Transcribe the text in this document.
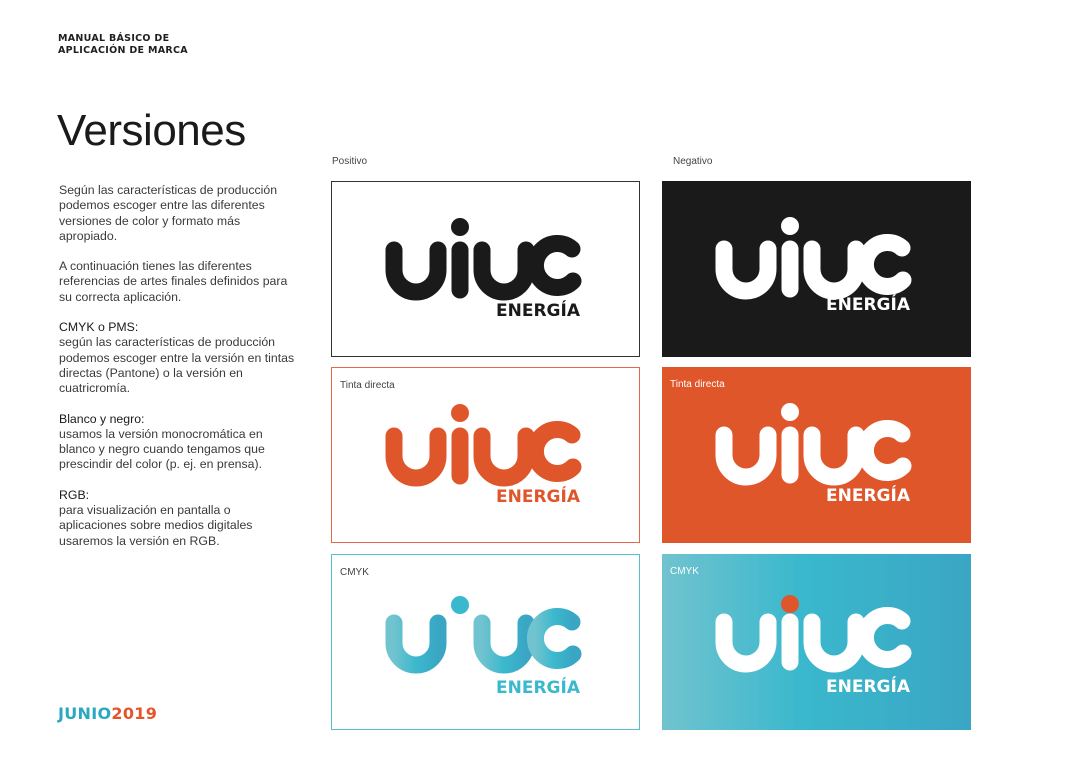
MANUAL BÁSICO DE
APLICACIÓN DE MARCA
Versiones

Según las características de producción podemos escoger entre las diferentes versiones de color y formato más apropiado.

A continuación tienes las diferentes referencias de artes finales definidos para su correcta aplicación.

CMYK o PMS:
según las características de producción podemos escoger entre la versión en tintas directas (Pantone) o la versión en cuatricromía.

Blanco y negro:
usamos la versión monocromática en blanco y negro cuando tengamos que prescindir del color (p. ej. en prensa).

RGB:
para visualización en pantalla o aplicaciones sobre medios digitales usaremos la versión en RGB.

Positivo	Negativo
ENERGÍA	ENERGÍA
Tinta directa
ENERGÍA
Tinta directa
ENERGÍA
CMYK
ENERGÍA
CMYK
ENERGÍA
JUNIO2019
